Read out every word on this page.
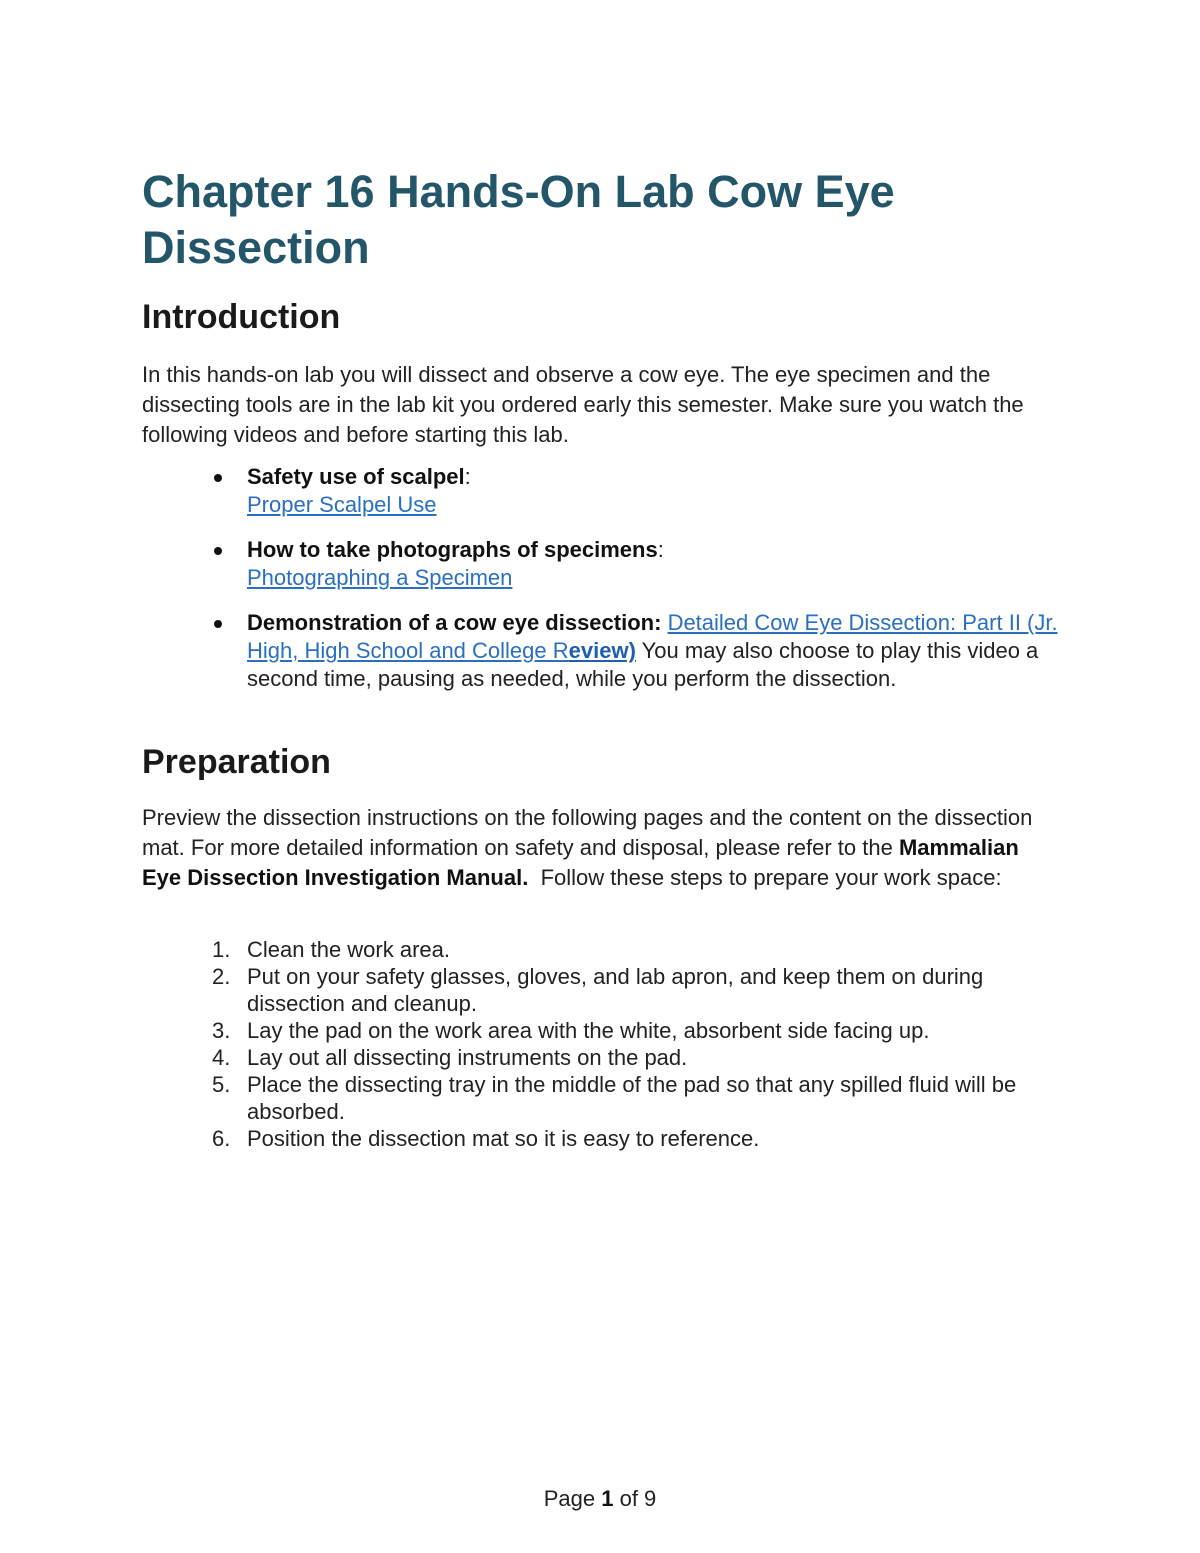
Chapter 16 Hands-On Lab Cow Eye Dissection
Introduction

In this hands-on lab you will dissect and observe a cow eye. The eye specimen and the dissecting tools are in the lab kit you ordered early this semester. Make sure you watch the following videos and before starting this lab.

Safety use of scalpel:
Proper Scalpel Use
How to take photographs of specimens:
Photographing a Specimen
Demonstration of a cow eye dissection: Detailed Cow Eye Dissection: Part II (Jr. High, High School and College Review) You may also choose to play this video a second time, pausing as needed, while you perform the dissection.
Preparation

Preview the dissection instructions on the following pages and the content on the dissection mat. For more detailed information on safety and disposal, please refer to the Mammalian Eye Dissection Investigation Manual. Follow these steps to prepare your work space:

1. Clean the work area.
2. Put on your safety glasses, gloves, and lab apron, and keep them on during dissection and cleanup.
3. Lay the pad on the work area with the white, absorbent side facing up.
4. Lay out all dissecting instruments on the pad.
5. Place the dissecting tray in the middle of the pad so that any spilled fluid will be absorbed.
6. Position the dissection mat so it is easy to reference.
Page 1 of 9
